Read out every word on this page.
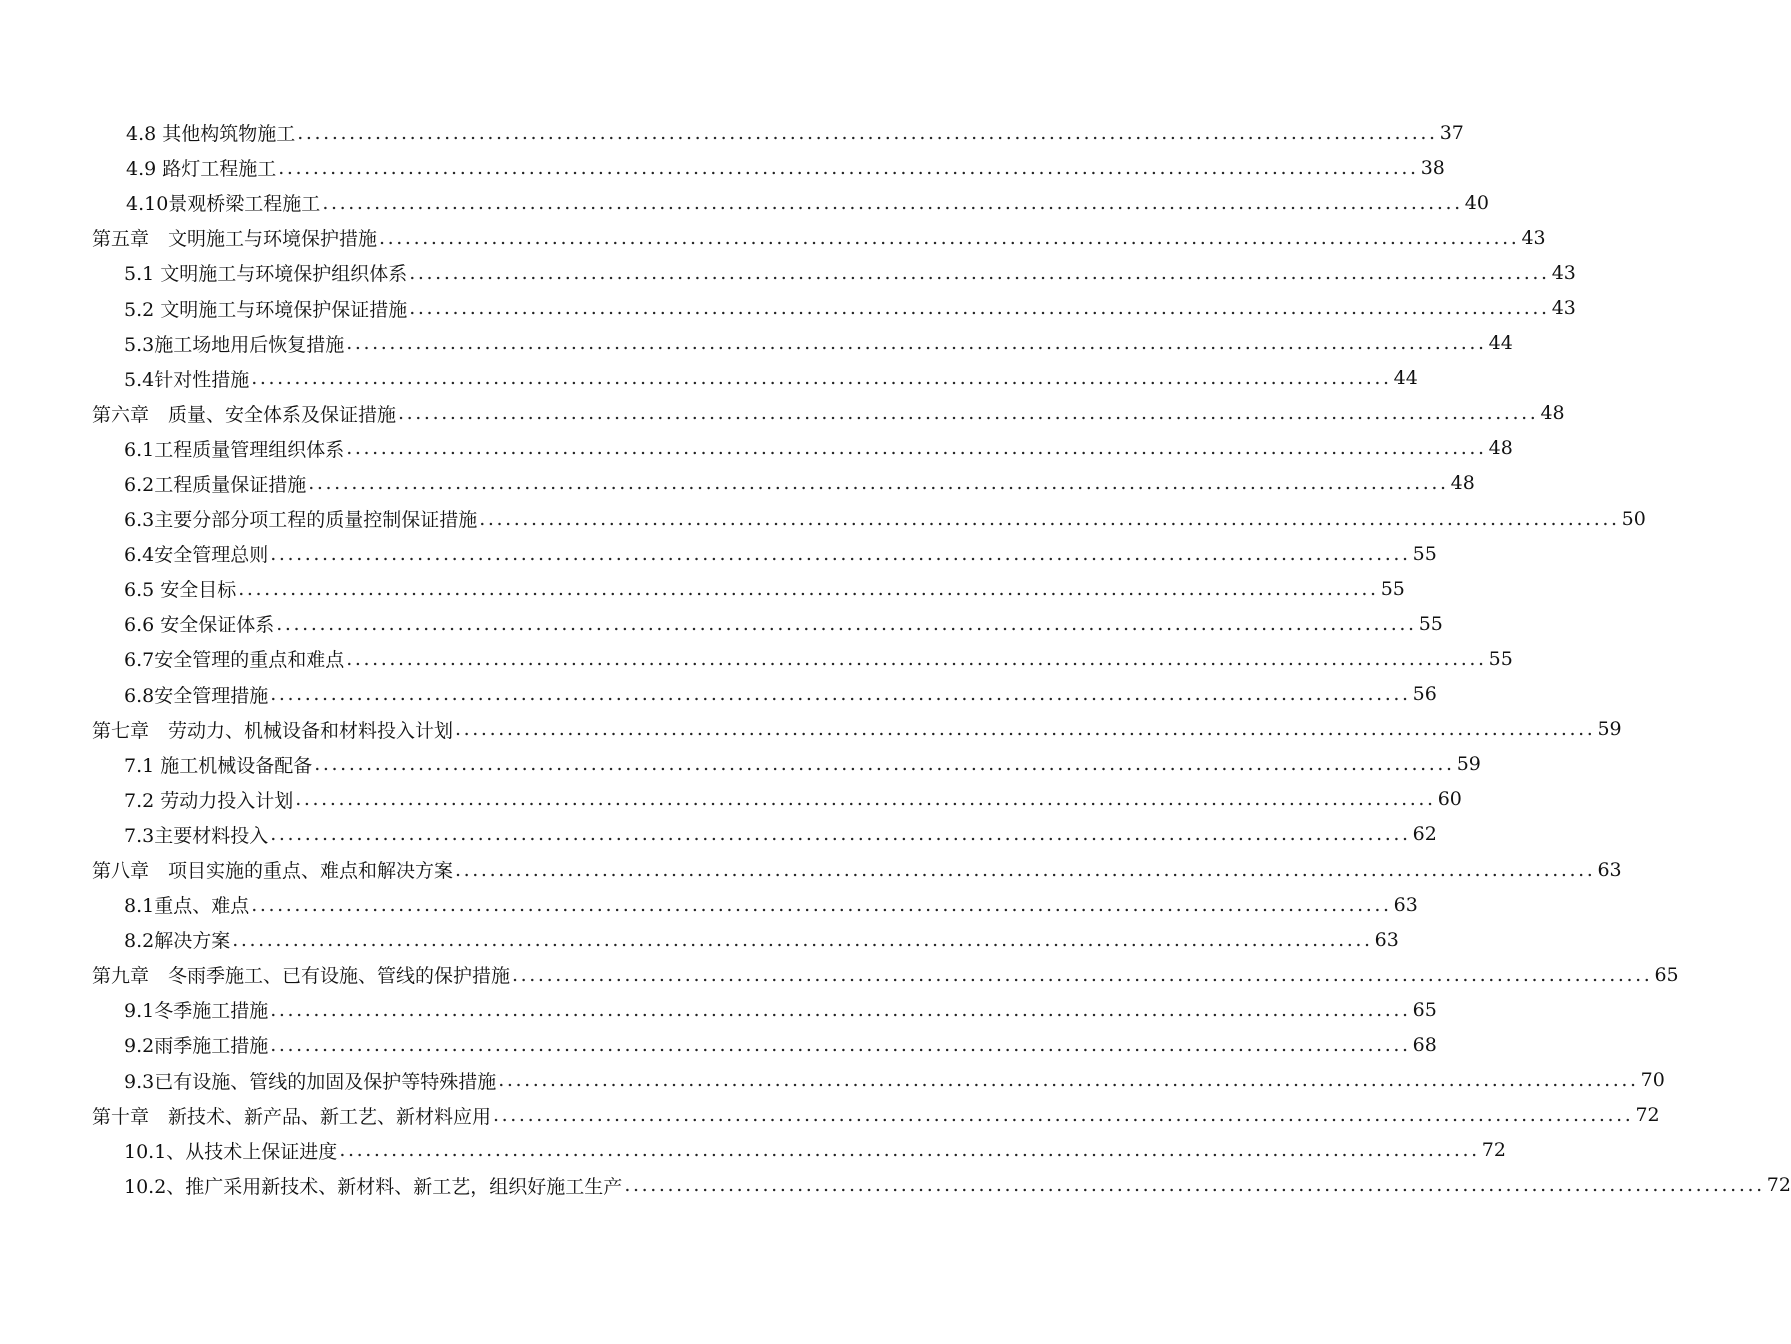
4.8 其他构筑物施工 .................................................................................................................................... 37
4.9 路灯工程施工 .................................................................................................................................... 38
4.10景观桥梁工程施工 .................................................................................................................................... 40
第五章　文明施工与环境保护措施 .................................................................................................................................... 43
5.1 文明施工与环境保护组织体系 .................................................................................................................................... 43
5.2 文明施工与环境保护保证措施 .................................................................................................................................... 43
5.3施工场地用后恢复措施 .................................................................................................................................... 44
5.4针对性措施 .................................................................................................................................... 44
第六章　质量、安全体系及保证措施 .................................................................................................................................... 48
6.1工程质量管理组织体系 .................................................................................................................................... 48
6.2工程质量保证措施 .................................................................................................................................... 48
6.3主要分部分项工程的质量控制保证措施 .................................................................................................................................... 50
6.4安全管理总则 .................................................................................................................................... 55
6.5 安全目标 .................................................................................................................................... 55
6.6 安全保证体系 .................................................................................................................................... 55
6.7安全管理的重点和难点 .................................................................................................................................... 55
6.8安全管理措施 .................................................................................................................................... 56
第七章　劳动力、机械设备和材料投入计划 .................................................................................................................................... 59
7.1 施工机械设备配备 .................................................................................................................................... 59
7.2 劳动力投入计划 .................................................................................................................................... 60
7.3主要材料投入 .................................................................................................................................... 62
第八章　项目实施的重点、难点和解决方案 .................................................................................................................................... 63
8.1重点、难点 .................................................................................................................................... 63
8.2解决方案 .................................................................................................................................... 63
第九章　冬雨季施工、已有设施、管线的保护措施 .................................................................................................................................... 65
9.1冬季施工措施 .................................................................................................................................... 65
9.2雨季施工措施 .................................................................................................................................... 68
9.3已有设施、管线的加固及保护等特殊措施 .................................................................................................................................... 70
第十章　新技术、新产品、新工艺、新材料应用 .................................................................................................................................... 72
10.1、从技术上保证进度 .................................................................................................................................... 72
10.2、推广采用新技术、新材料、新工艺，组织好施工生产 .................................................................................................................................... 72
